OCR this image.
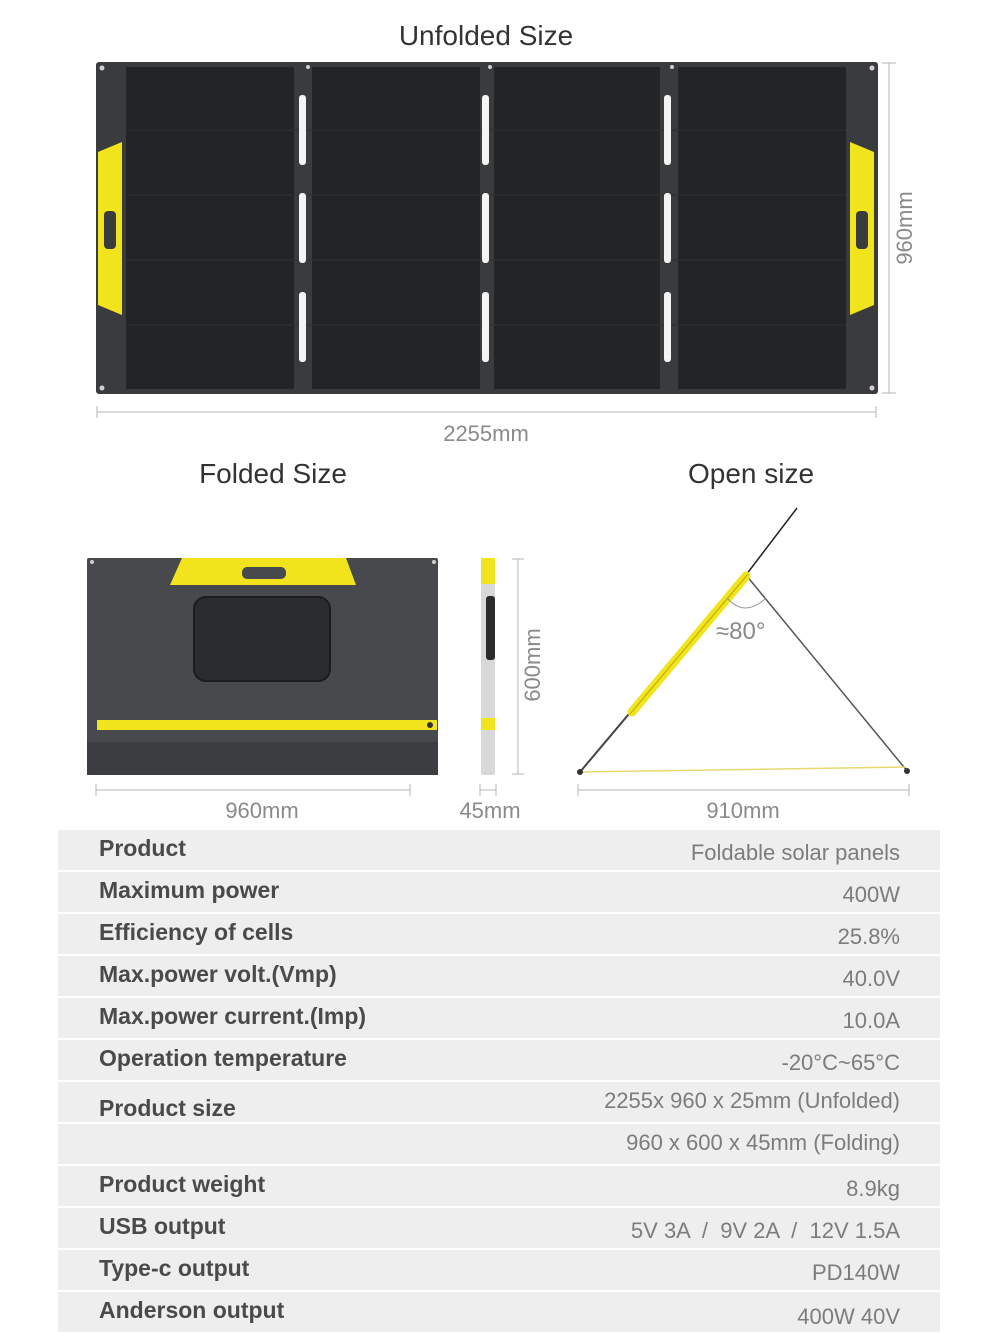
Unfolded Size
Folded Size	Open size
960mm
2255mm
600mm
960mm	45mm
≈80°
910mm
Product	Foldable solar panels
Maximum power	400W
Efficiency of cells	25.8%
Max.power volt.(Vmp)	40.0V
Max.power current.(Imp)	10.0A
Operation temperature	-20°C~65°C
Product size	2255x 960 x 25mm (Unfolded)
960 x 600 x 45mm (Folding)
Product weight	8.9kg
USB output	5V 3A  /  9V 2A  /  12V 1.5A
Type-c output	PD140W
Anderson output	400W 40V
